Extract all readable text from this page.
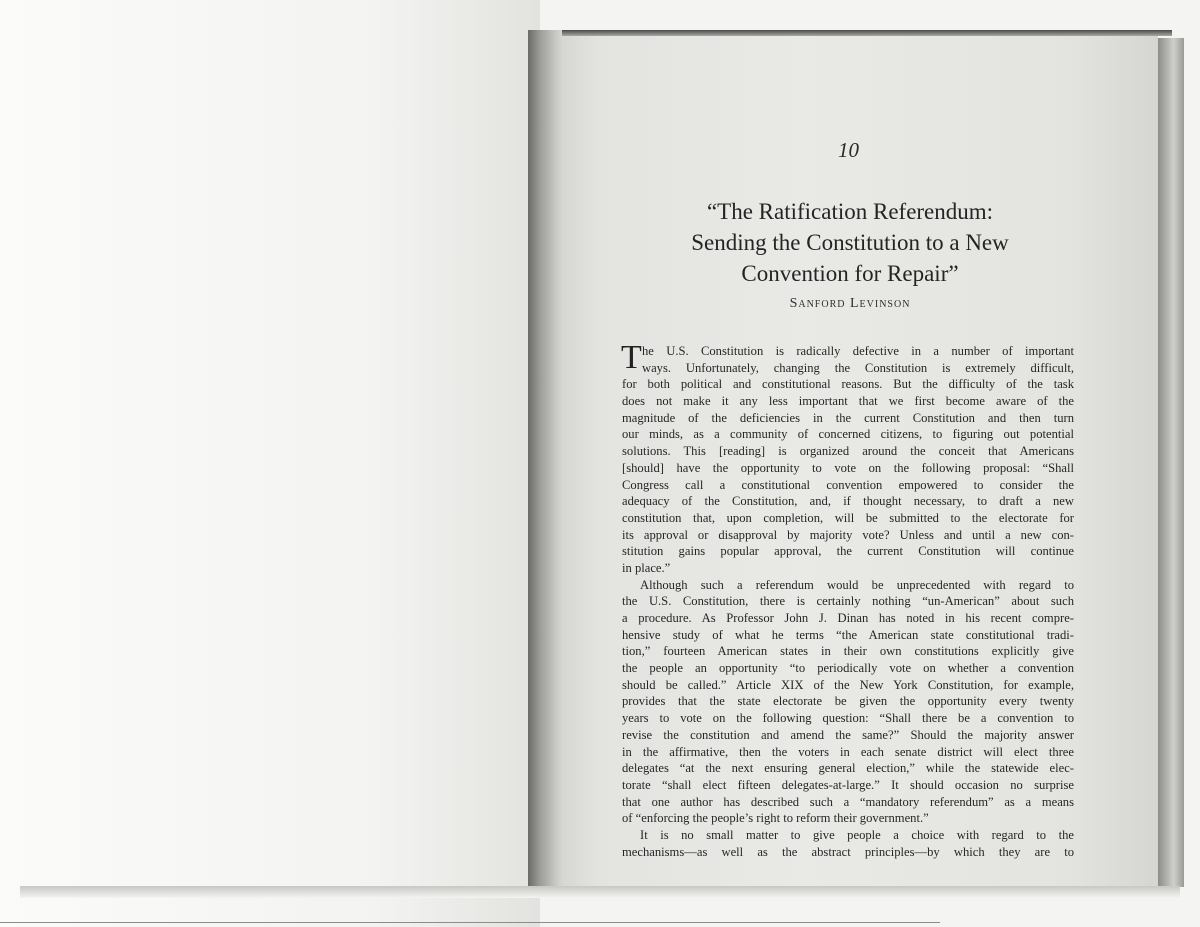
10
“The Ratification Referendum:
Sending the Constitution to a New
Convention for Repair”
Sanford Levinson
T he U.S. Constitution is radically defective in a number of important
ways. Unfortunately, changing the Constitution is extremely difficult,
for both political and constitutional reasons. But the difficulty of the task
does not make it any less important that we first become aware of the
magnitude of the deficiencies in the current Constitution and then turn
our minds, as a community of concerned citizens, to figuring out potential
solutions. This [reading] is organized around the conceit that Americans
[should] have the opportunity to vote on the following proposal: “Shall
Congress call a constitutional convention empowered to consider the
adequacy of the Constitution, and, if thought necessary, to draft a new
constitution that, upon completion, will be submitted to the electorate for
its approval or disapproval by majority vote? Unless and until a new con-
stitution gains popular approval, the current Constitution will continue
in place.”
Although such a referendum would be unprecedented with regard to
the U.S. Constitution, there is certainly nothing “un-American” about such
a procedure. As Professor John J. Dinan has noted in his recent compre-
hensive study of what he terms “the American state constitutional tradi-
tion,” fourteen American states in their own constitutions explicitly give
the people an opportunity “to periodically vote on whether a convention
should be called.” Article XIX of the New York Constitution, for example,
provides that the state electorate be given the opportunity every twenty
years to vote on the following question: “Shall there be a convention to
revise the constitution and amend the same?” Should the majority answer
in the affirmative, then the voters in each senate district will elect three
delegates “at the next ensuring general election,” while the statewide elec-
torate “shall elect fifteen delegates-at-large.” It should occasion no surprise
that one author has described such a “mandatory referendum” as a means
of “enforcing the people’s right to reform their government.”
It is no small matter to give people a choice with regard to the
mechanisms—as well as the abstract principles—by which they are to
